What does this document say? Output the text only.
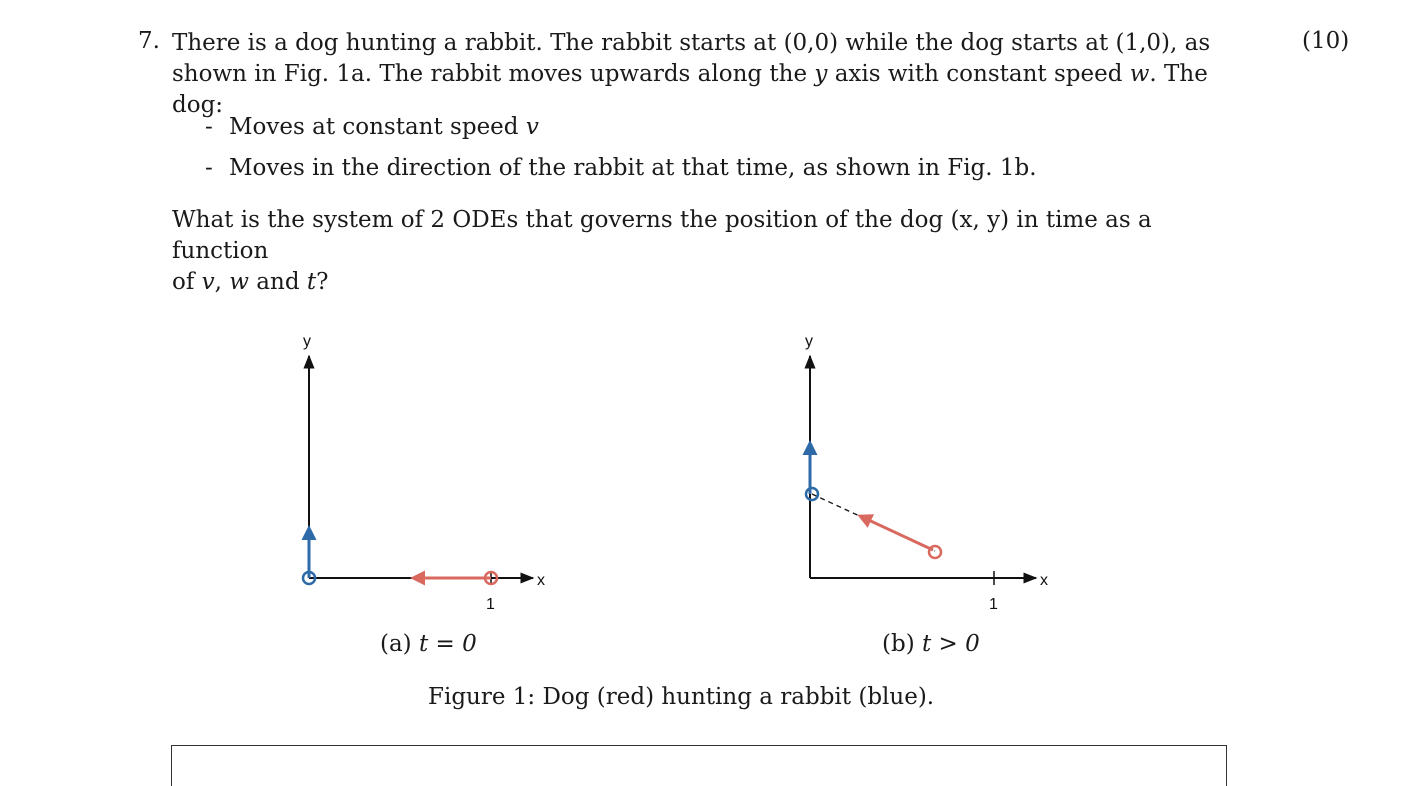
7.	(10)

There is a dog hunting a rabbit. The rabbit starts at (0,0) while the dog starts at (1,0), as
shown in Fig. 1a. The rabbit moves upwards along the y axis with constant speed w. The dog:

- Moves at constant speed v
- Moves in the direction of the rabbit at that time, as shown in Fig. 1b.

What is the system of 2 ODEs that governs the position of the dog (x, y) in time as a function
of v, w and t?

y
x
1
y
x
1
(a) t = 0	(b) t > 0
Figure 1: Dog (red) hunting a rabbit (blue).
